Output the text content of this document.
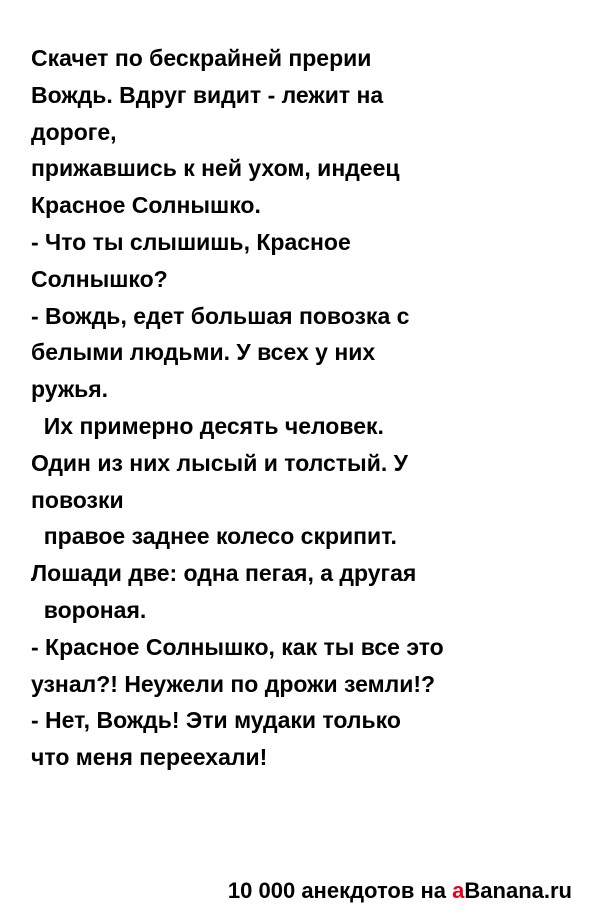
Скачет по бескрайней прерии
Вождь. Вдруг видит - лежит на
дороге,
прижавшись к ней ухом, индеец
Красное Солнышко.
- Что ты слышишь, Красное
Солнышко?
- Вождь, едет большая повозка с
белыми людьми. У всех у них
ружья.
Их примерно десять человек.
Один из них лысый и толстый. У
повозки
правое заднее колесо скрипит.
Лошади две: одна пегая, а другая
вороная.
- Красное Солнышко, как ты все это
узнал?! Неужели по дрожи земли!?
- Нет, Вождь! Эти мудаки только
что меня переехали!
10 000 анекдотов на aBanana.ru
